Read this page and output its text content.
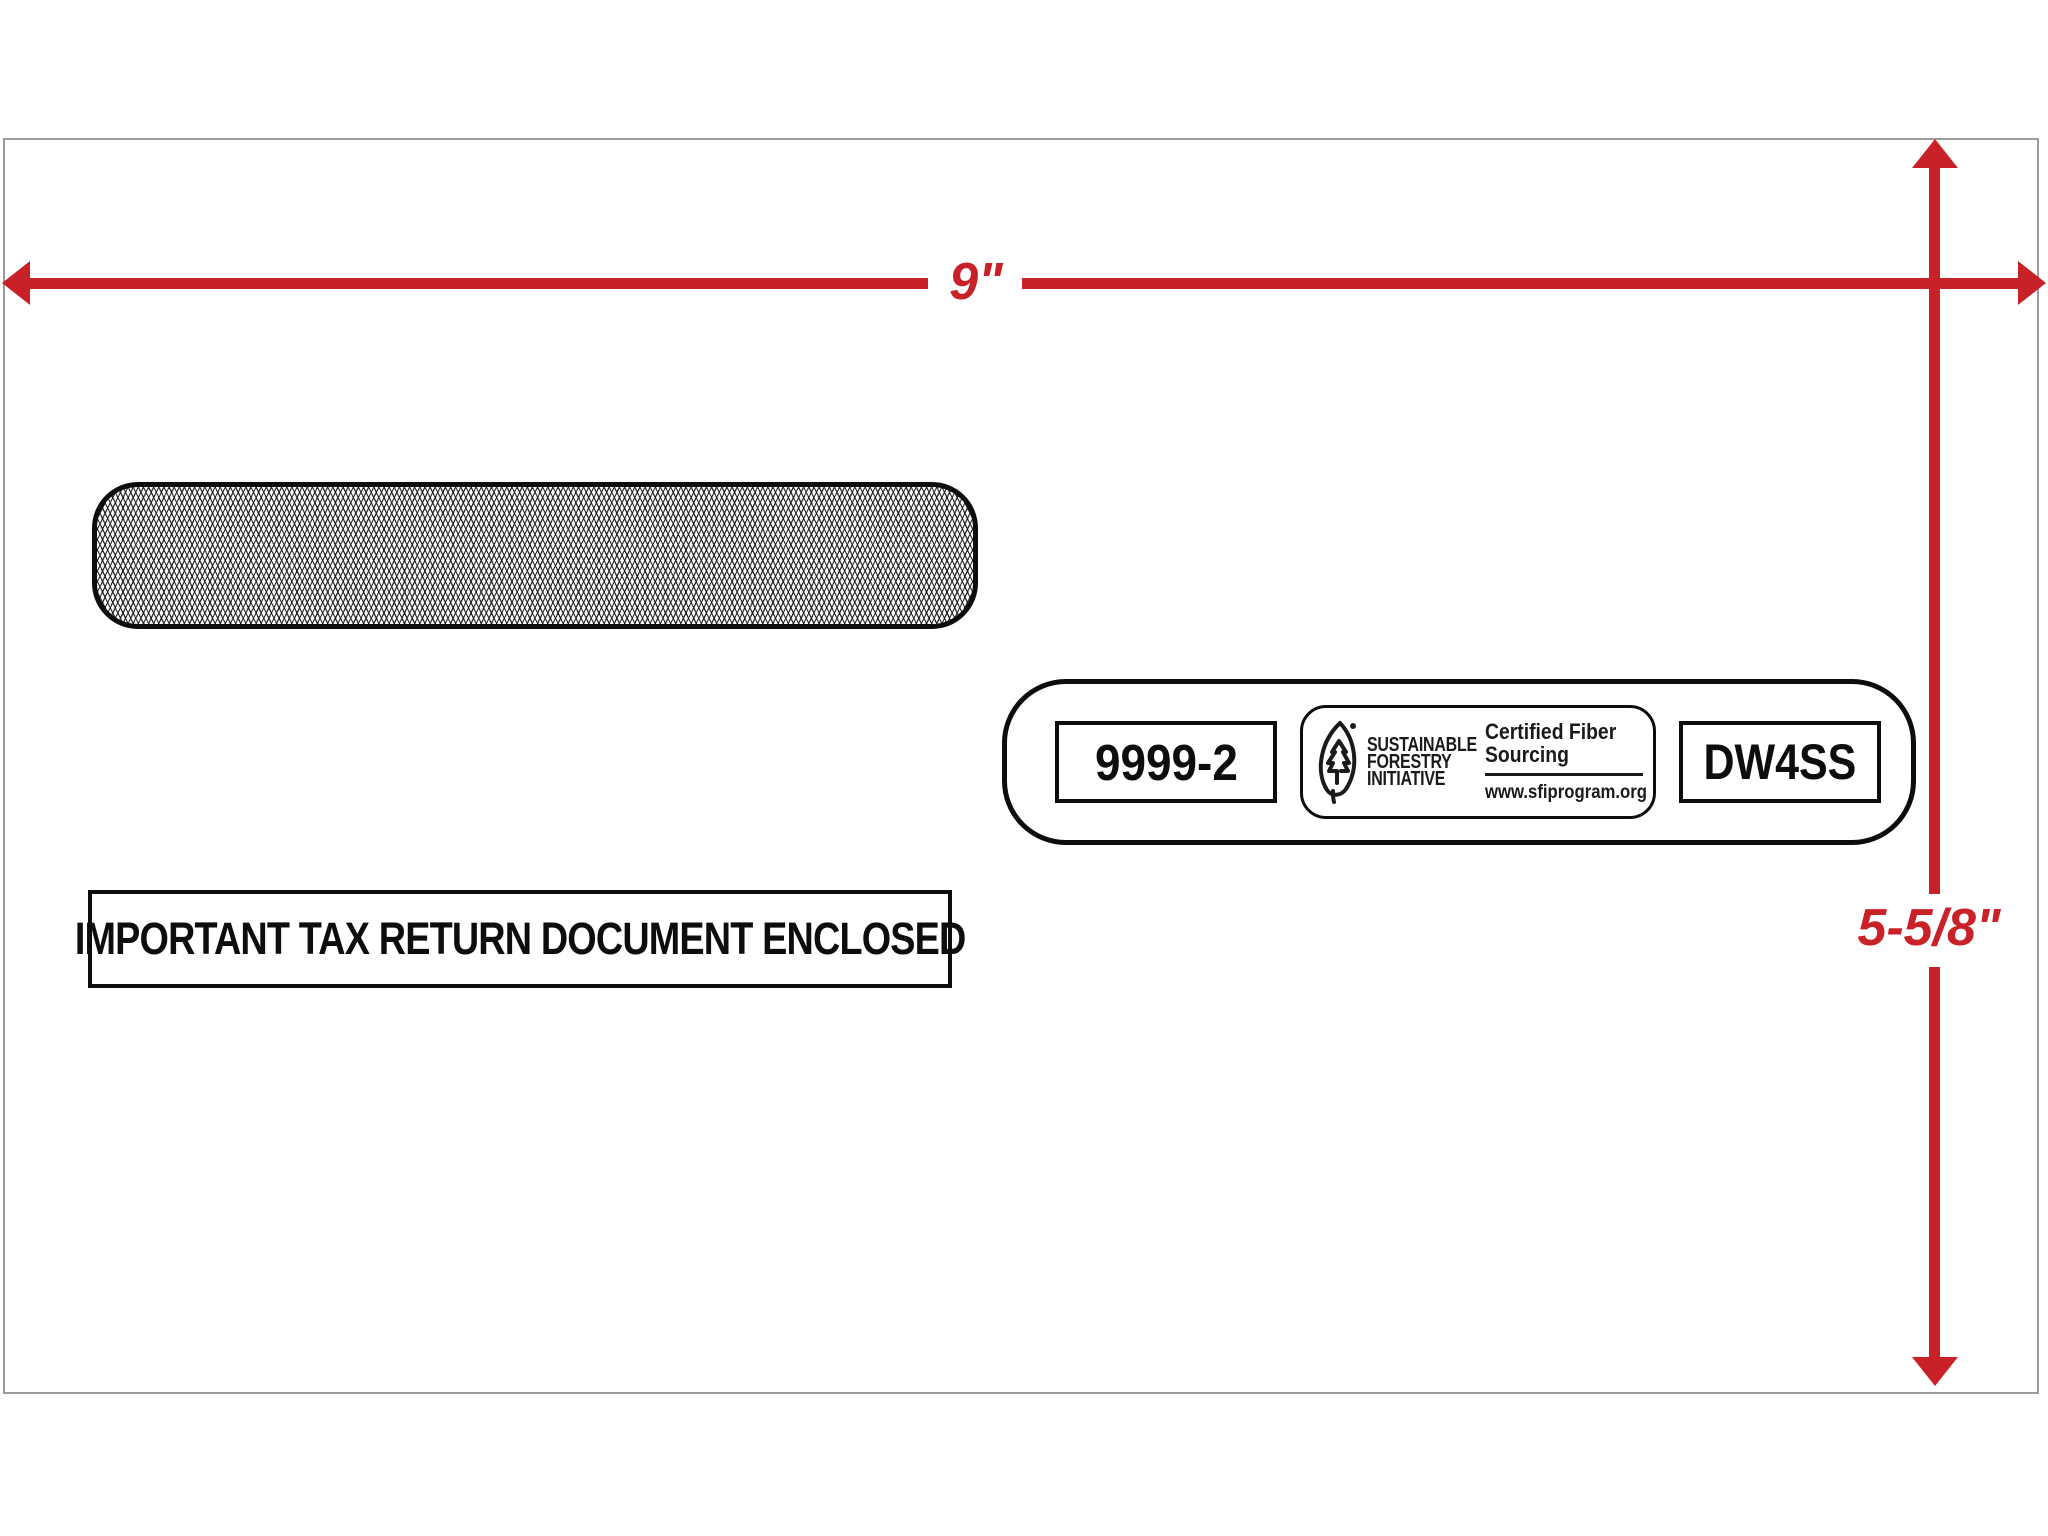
9999-2	SUSTAINABLE
FORESTRY
INITIATIVE
Certified Fiber
Sourcing
www.sfiprogram.org
DW4SS
IMPORTANT TAX RETURN DOCUMENT ENCLOSED
9"
5-5/8"
